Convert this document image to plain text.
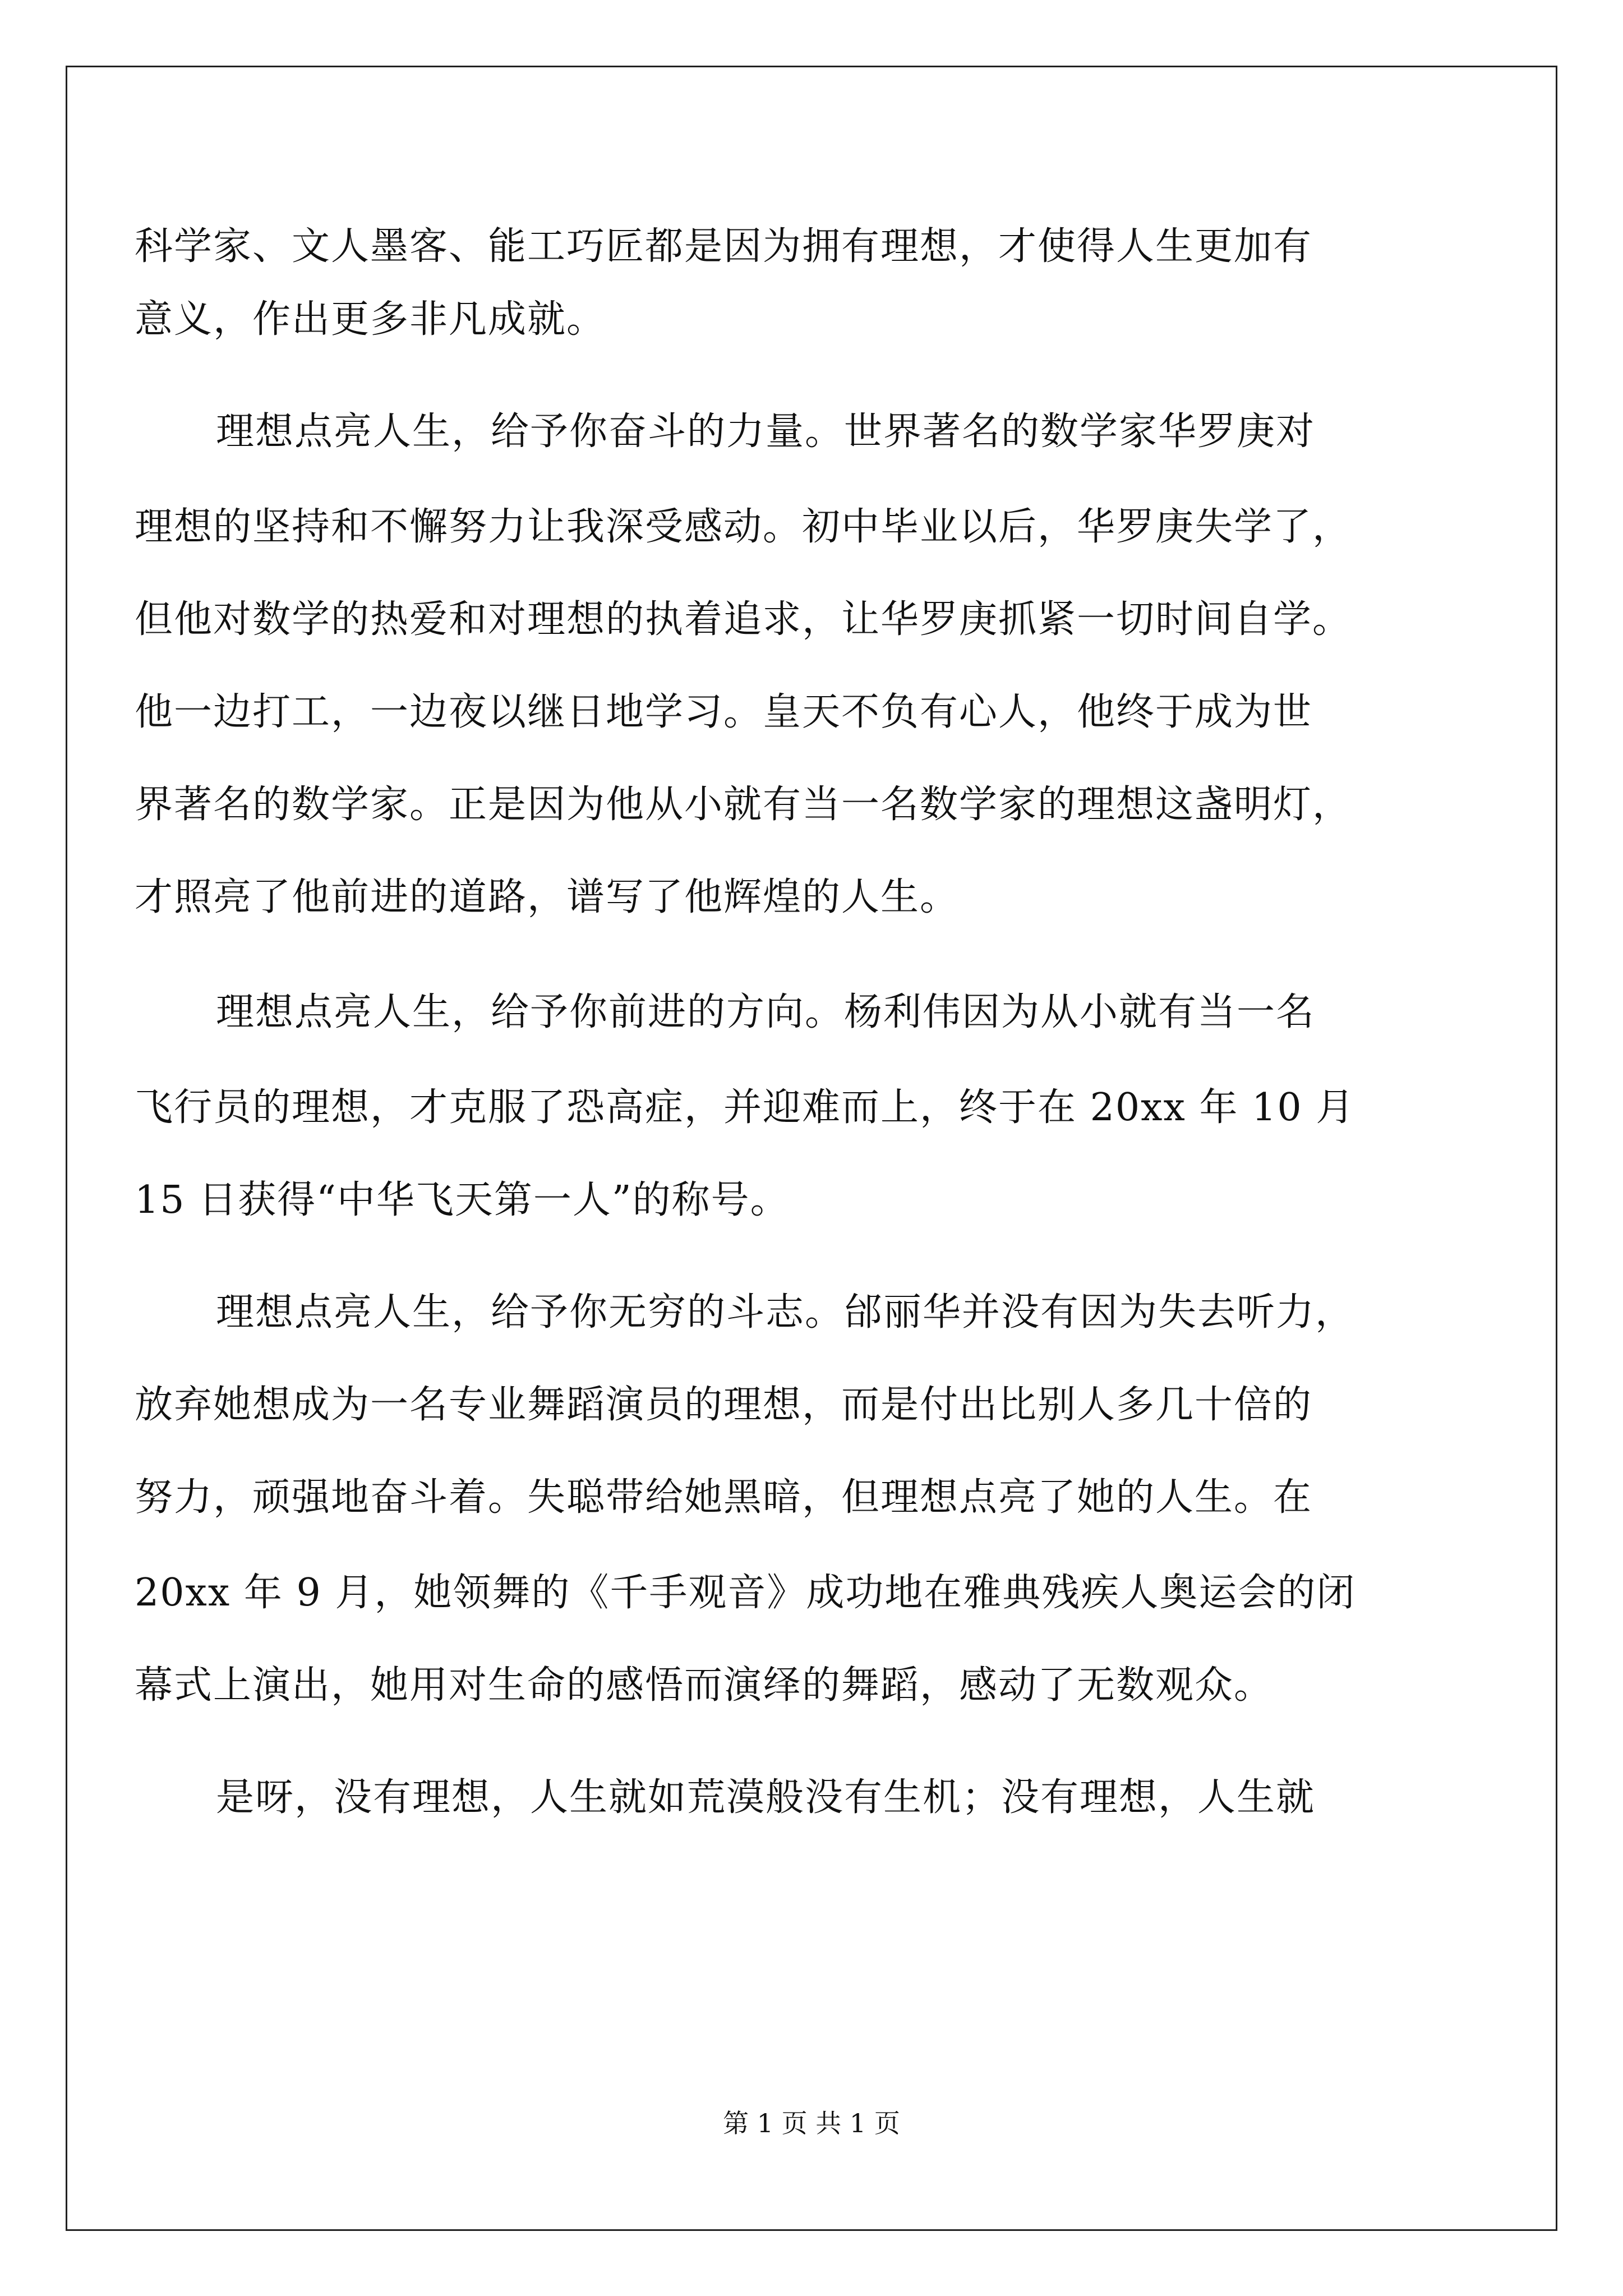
科学家、文人墨客、能工巧匠都是因为拥有理想，才使得人生更加有
意义，作出更多非凡成就。
理想点亮人生，给予你奋斗的力量。世界著名的数学家华罗庚对
理想的坚持和不懈努力让我深受感动。初中毕业以后，华罗庚失学了，
但他对数学的热爱和对理想的执着追求，让华罗庚抓紧一切时间自学。
他一边打工，一边夜以继日地学习。皇天不负有心人，他终于成为世
界著名的数学家。正是因为他从小就有当一名数学家的理想这盏明灯，
才照亮了他前进的道路，谱写了他辉煌的人生。
理想点亮人生，给予你前进的方向。杨利伟因为从小就有当一名
飞行员的理想，才克服了恐高症，并迎难而上，终于在 20xx 年 10 月
15 日获得“中华飞天第一人”的称号。
理想点亮人生，给予你无穷的斗志。邰丽华并没有因为失去听力，
放弃她想成为一名专业舞蹈演员的理想，而是付出比别人多几十倍的
努力，顽强地奋斗着。失聪带给她黑暗，但理想点亮了她的人生。在
20xx 年 9 月，她领舞的《千手观音》成功地在雅典残疾人奥运会的闭
幕式上演出，她用对生命的感悟而演绎的舞蹈，感动了无数观众。
是呀，没有理想，人生就如荒漠般没有生机；没有理想，人生就
第 1 页 共 1 页
